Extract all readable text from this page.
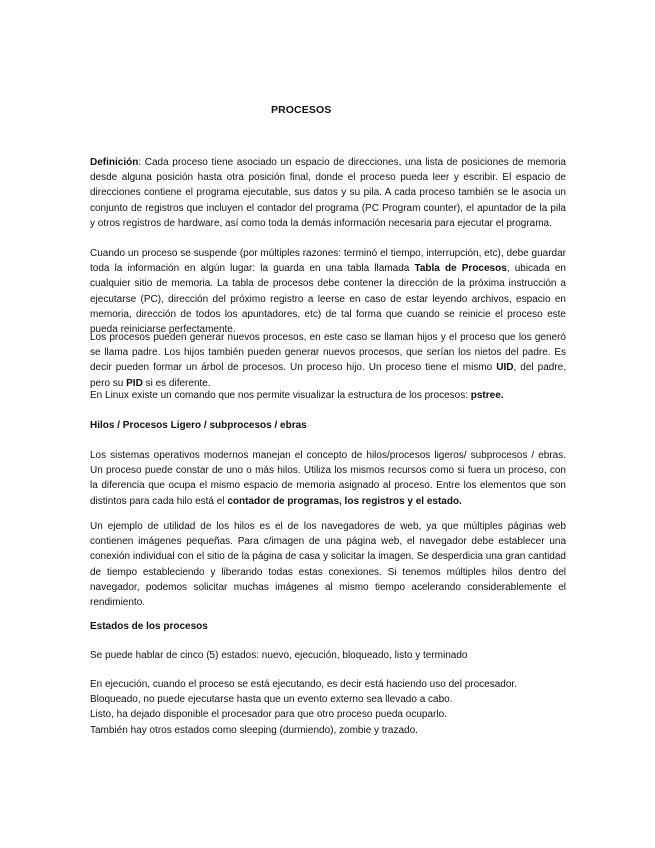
PROCESOS
Definición: Cada proceso tiene asociado un espacio de direcciones, una lista de posiciones de memoria desde alguna posición hasta otra posición final, donde el proceso pueda leer y escribir. El espacio de direcciones contiene el programa ejecutable, sus datos y su pila. A cada proceso también se le asocia un conjunto de registros que incluyen el contador del programa (PC Program counter), el apuntador de la pila y otros registros de hardware, así como toda la demás información necesaria para ejecutar el programa.
Cuando un proceso se suspende (por múltiples razones: terminó el tiempo, interrupción, etc), debe guardar toda la información en algún lugar: la guarda en una tabla llamada Tabla de Procesos, ubicada en cualquier sitio de memoria. La tabla de procesos debe contener la dirección de la próxima instrucción a ejecutarse (PC), dirección del próximo registro a leerse en caso de estar leyendo archivos, espacio en memoria, dirección de todos los apuntadores, etc) de tal forma que cuando se reinicie el proceso este pueda reiniciarse perfectamente.
Los procesos pueden generar nuevos procesos, en este caso se llaman hijos y el proceso que los generó se llama padre. Los hijos también pueden generar nuevos procesos, que serían los nietos del padre. Es decir pueden formar un árbol de procesos. Un proceso hijo. Un proceso tiene el mismo UID, del padre, pero su PID si es diferente.
En Linux existe un comando que nos permite visualizar la estructura de los procesos: pstree.
Hilos / Procesos Ligero / subprocesos / ebras
Los sistemas operativos modernos manejan el concepto de hilos/procesos ligeros/ subprocesos / ebras. Un proceso puede constar de uno o más hilos. Utiliza los mismos recursos como si fuera un proceso, con la diferencia que ocupa el mismo espacio de memoria asignado al proceso. Entre los elementos que son distintos para cada hilo está el contador de programas, los registros y el estado.
Un ejemplo de utilidad de los hilos es el de los navegadores de web, ya que múltiples páginas web contienen imágenes pequeñas. Para c/imagen de una página web, el navegador debe establecer una conexión individual con el sitio de la página de casa y solicitar la imagen. Se desperdicia una gran cantidad de tiempo estableciendo y liberando todas estas conexiones. Si tenemos múltiples hilos dentro del navegador, podemos solicitar muchas imágenes al mismo tiempo acelerando considerablemente el rendimiento.
Estados de los procesos
Se puede hablar de cinco (5) estados: nuevo, ejecución, bloqueado, listo y terminado
En ejecución, cuando el proceso se está ejecutando, es decir está haciendo uso del procesador.
Bloqueado, no puede ejecutarse hasta que un evento externo sea llevado a cabo.
Listo, ha dejado disponible el procesador para que otro proceso pueda ocuparlo.
También hay otros estados como sleeping (durmiendo), zombie y trazado.
